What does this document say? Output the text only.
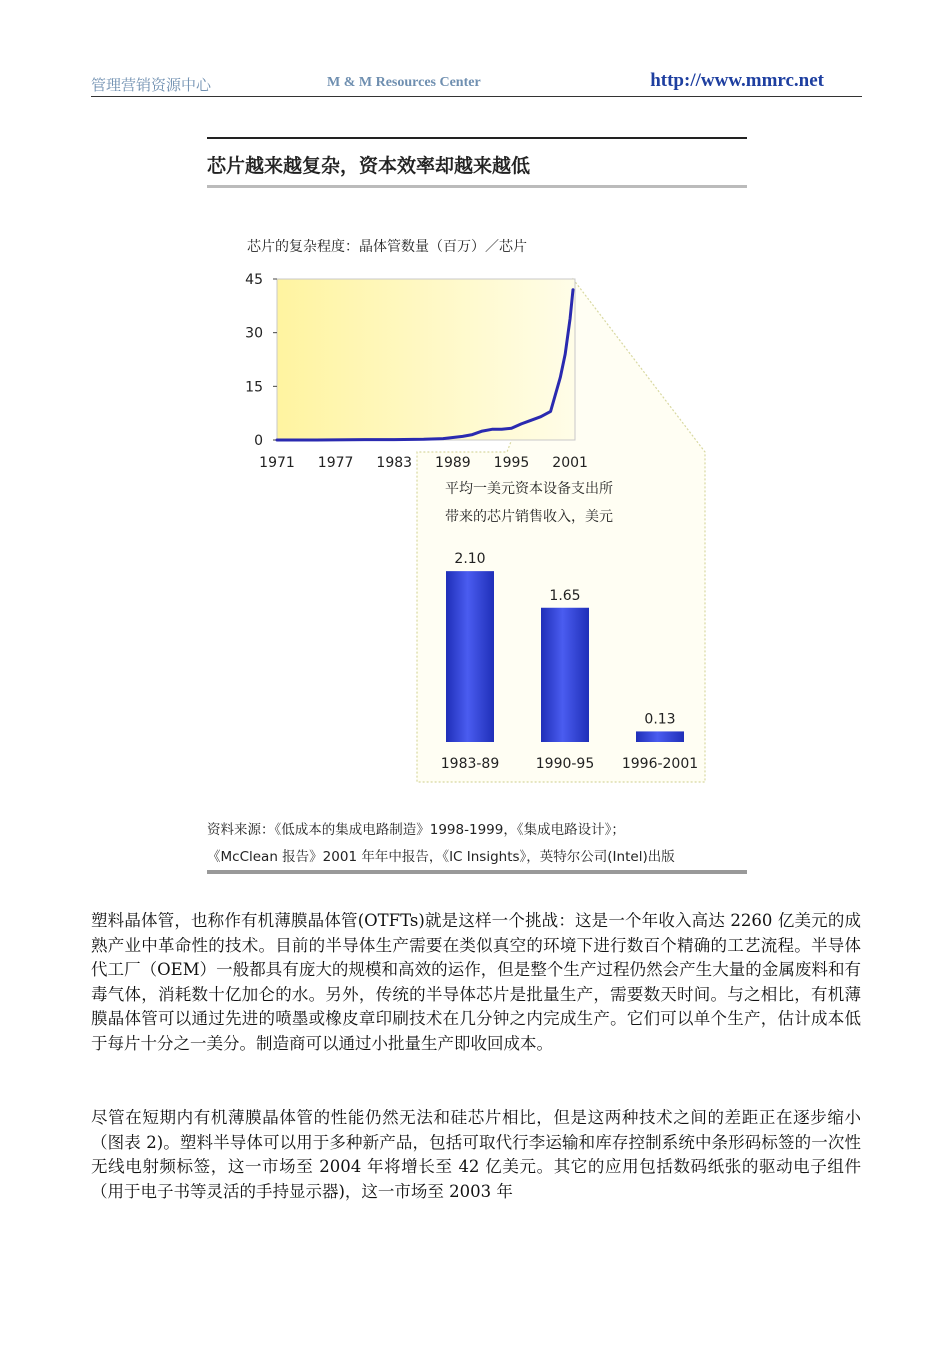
管理营销资源中心	M & M Resources Center	http://www.mmrc.net
芯片越来越复杂，资本效率却越来越低
芯片的复杂程度：晶体管数量（百万）／芯片
0
15
30
45
1971 1977 1983 1989 1995 2001
平均一美元资本设备支出所
带来的芯片销售收入，美元
2.10
1983-89
1.65
1990-95
0.13
1996-2001
资料来源：《低成本的集成电路制造》1998-1999，《集成电路设计》；
《McClean 报告》2001 年年中报告，《IC Insights》，英特尔公司(Intel)出版
塑料晶体管，也称作有机薄膜晶体管(OTFTs)就是这样一个挑战：这是一个年收入高达 2260 亿美元的成熟产业中革命性的技术。目前的半导体生产需要在类似真空的环境下进行数百个精确的工艺流程。半导体代工厂（OEM）一般都具有庞大的规模和高效的运作，但是整个生产过程仍然会产生大量的金属废料和有毒气体，消耗数十亿加仑的水。另外，传统的半导体芯片是批量生产，需要数天时间。与之相比，有机薄膜晶体管可以通过先进的喷墨或橡皮章印刷技术在几分钟之内完成生产。它们可以单个生产，估计成本低于每片十分之一美分。制造商可以通过小批量生产即收回成本。
尽管在短期内有机薄膜晶体管的性能仍然无法和硅芯片相比，但是这两种技术之间的差距正在逐步缩小（图表 2)。塑料半导体可以用于多种新产品，包括可取代行李运输和库存控制系统中条形码标签的一次性无线电射频标签，这一市场至 2004 年将增长至 42 亿美元。其它的应用包括数码纸张的驱动电子组件（用于电子书等灵活的手持显示器)，这一市场至 2003 年
